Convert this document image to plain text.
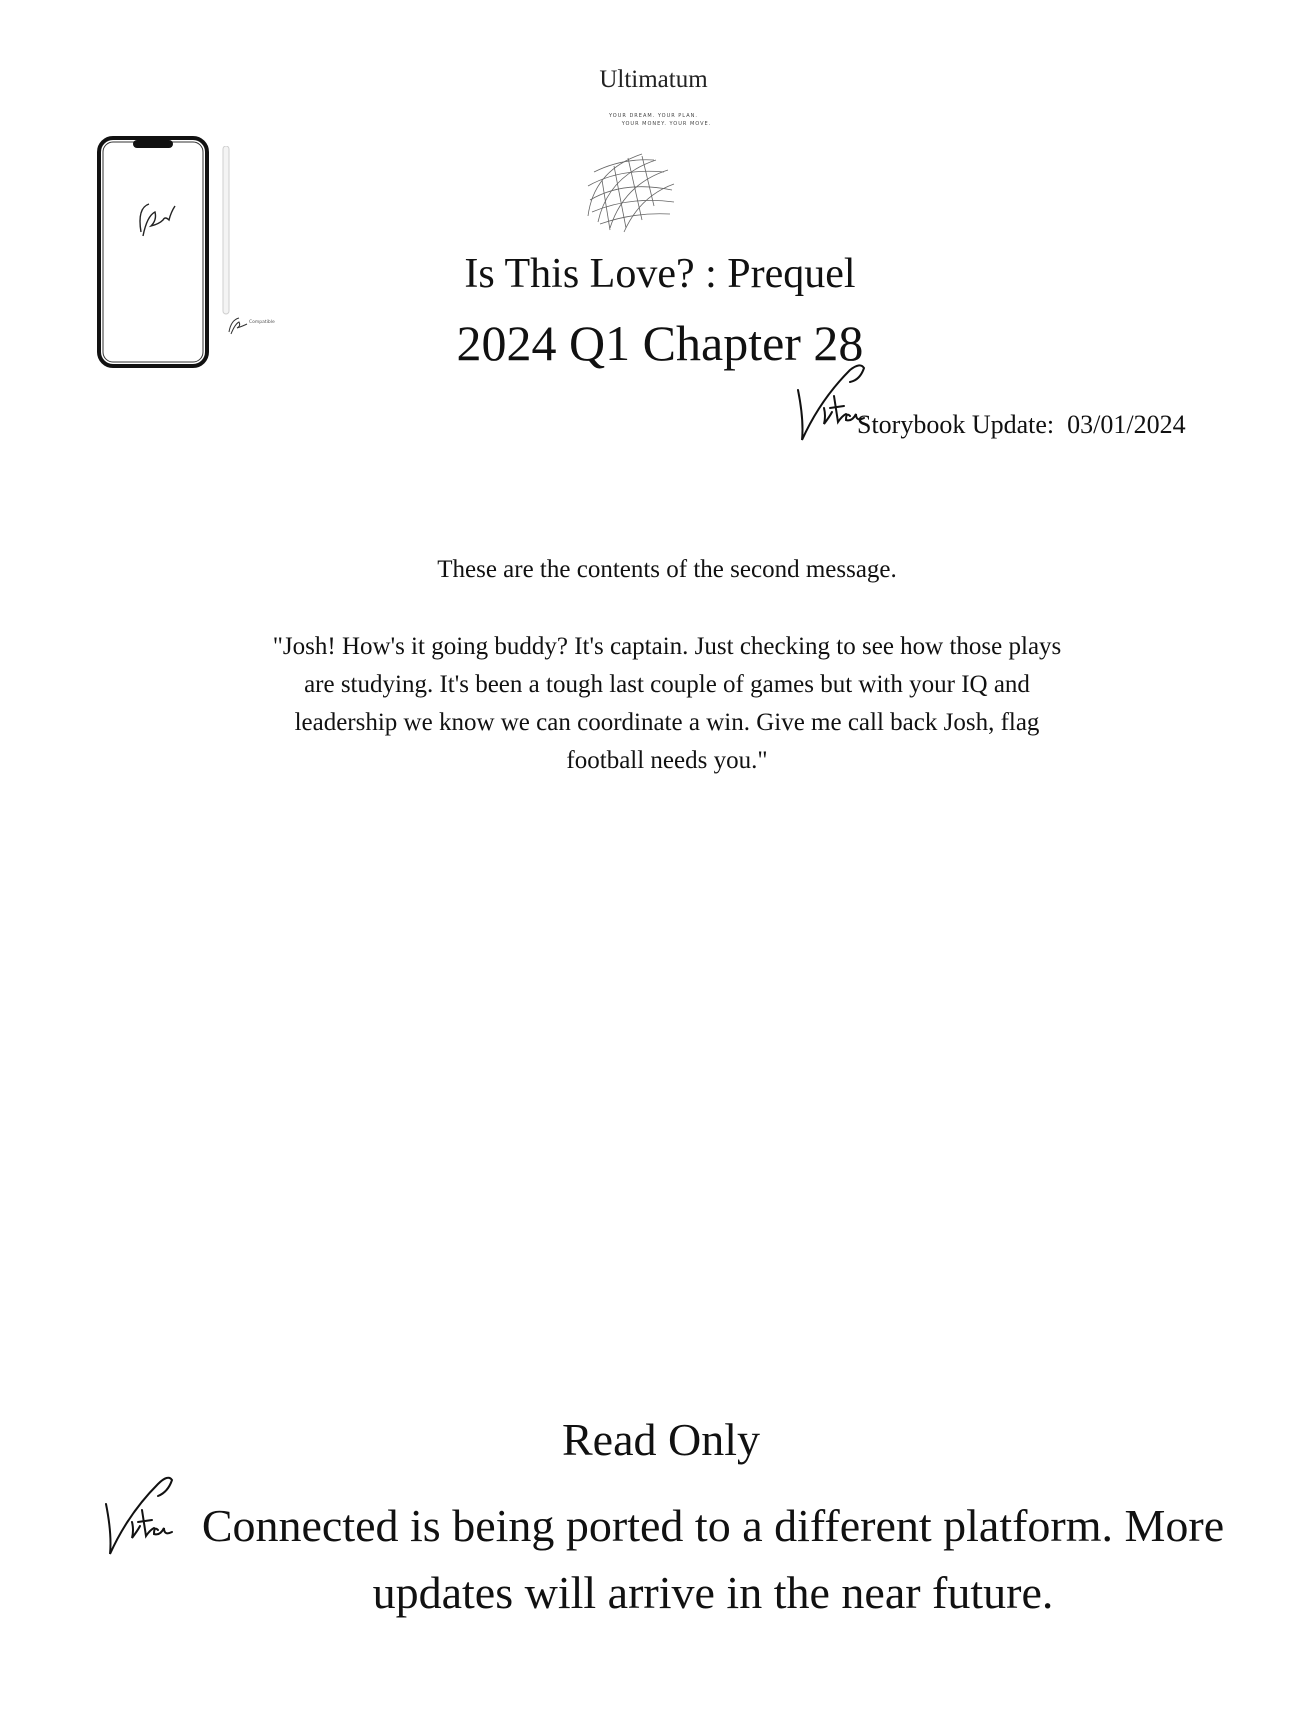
Ultimatum
YOUR DREAM. YOUR PLAN.
YOUR MONEY. YOUR MOVE.
Compatible
Is This Love? : Prequel
2024 Q1 Chapter 28
Storybook Update: 03/01/2024
These are the contents of the second message.
"Josh! How's it going buddy? It's captain. Just checking to see how those plays are studying. It's been a tough last couple of games but with your IQ and leadership we know we can coordinate a win. Give me call back Josh, flag football needs you."
Read Only
Connected is being ported to a different platform. More updates will arrive in the near future.
